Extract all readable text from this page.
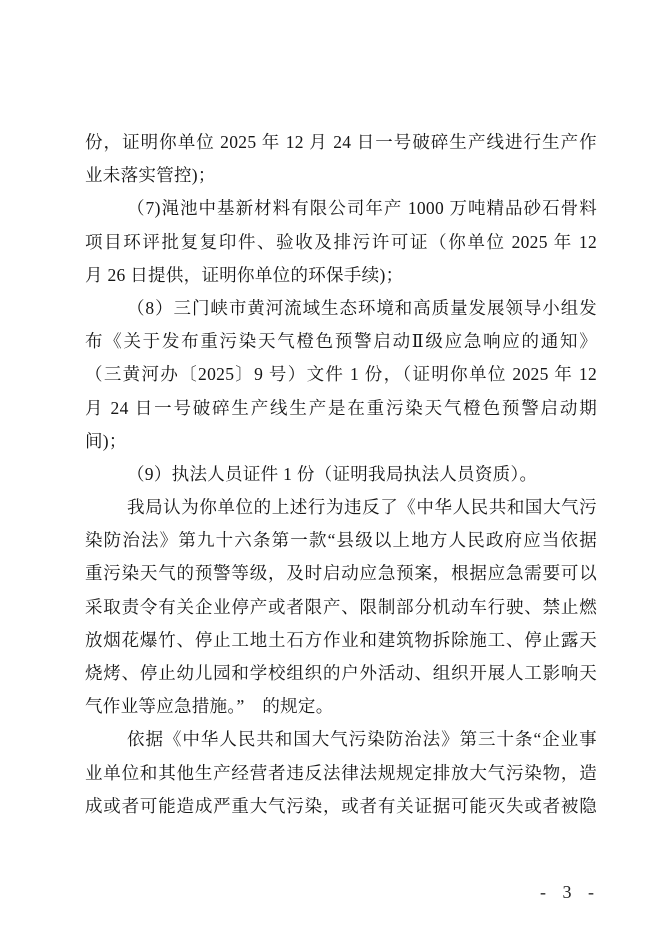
份，证明你单位 2025 年 12 月 24 日一号破碎生产线进行生产作
业未落实管控)；
（7)渑池中基新材料有限公司年产 1000 万吨精品砂石骨料
项目环评批复复印件、验收及排污许可证（你单位 2025 年 12
月 26 日提供，证明你单位的环保手续)；
（8）三门峡市黄河流域生态环境和高质量发展领导小组发
布《关于发布重污染天气橙色预警启动Ⅱ级应急响应的通知》
（三黄河办〔2025〕9 号）文件 1 份，（证明你单位 2025 年 12
月 24 日一号破碎生产线生产是在重污染天气橙色预警启动期
间)；
（9）执法人员证件 1 份（证明我局执法人员资质）。
我局认为你单位的上述行为违反了《中华人民共和国大气污
染防治法》第九十六条第一款“县级以上地方人民政府应当依据
重污染天气的预警等级，及时启动应急预案，根据应急需要可以
采取责令有关企业停产或者限产、限制部分机动车行驶、禁止燃
放烟花爆竹、停止工地土石方作业和建筑物拆除施工、停止露天
烧烤、停止幼儿园和学校组织的户外活动、组织开展人工影响天
气作业等应急措施。”　的规定。
依据《中华人民共和国大气污染防治法》第三十条“企业事
业单位和其他生产经营者违反法律法规规定排放大气污染物，造
成或者可能造成严重大气污染，或者有关证据可能灭失或者被隐
- 3 -
